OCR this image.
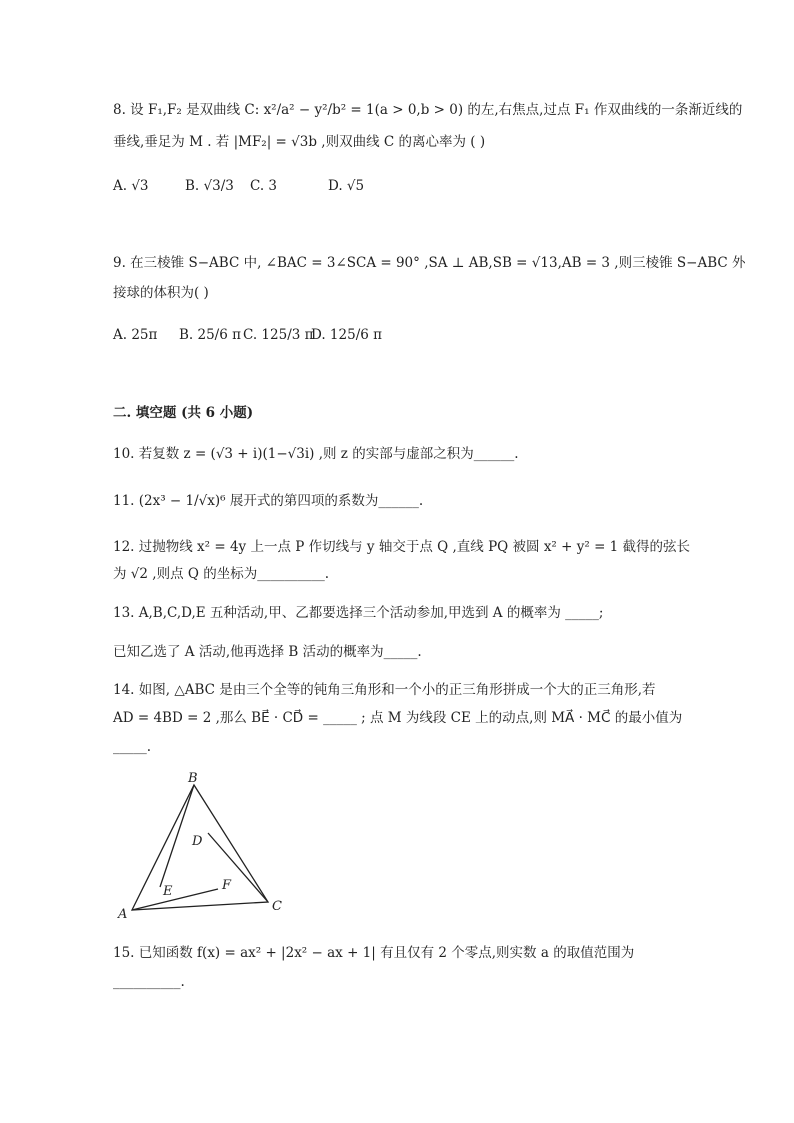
8. 设 F₁,F₂ 是双曲线 C: x²/a² − y²/b² = 1(a > 0,b > 0) 的左,右焦点,过点 F₁ 作双曲线的一条渐近线的
垂线,垂足为 M . 若 |MF₂| = √3b ,则双曲线 C 的离心率为 ( )
A. √3	B. √3/3 C. 3	D. √5
9. 在三棱锥 S−ABC 中, ∠BAC = 3∠SCA = 90° ,SA ⊥ AB,SB = √13,AB = 3 ,则三棱锥 S−ABC 外
接球的体积为( )
A. 25π B. 25/6 π C. 125/3 π
D. 125/6 π
二. 填空题 (共 6 小题)
10. 若复数 z = (√3 + i)(1−√3i) ,则 z 的实部与虚部之积为______.
11. (2x³ − 1/√x)⁶ 展开式的第四项的系数为______.
12. 过抛物线 x² = 4y 上一点 P 作切线与 y 轴交于点 Q ,直线 PQ 被圆 x² + y² = 1 截得的弦长
为 √2 ,则点 Q 的坐标为__________.
13. A,B,C,D,E 五种活动,甲、乙都要选择三个活动参加,甲选到 A 的概率为 _____;
已知乙选了 A 活动,他再选择 B 活动的概率为_____.
14. 如图, △ABC 是由三个全等的钝角三角形和一个小的正三角形拼成一个大的正三角形,若
AD = 4BD = 2 ,那么 BE⃗ · CD⃗ = _____ ; 点 M 为线段 CE 上的动点,则 MA⃗ · MC⃗ 的最小值为
_____.
B
A
C
D
E	F
15. 已知函数 f(x) = ax² + |2x² − ax + 1| 有且仅有 2 个零点,则实数 a 的取值范围为
__________.
